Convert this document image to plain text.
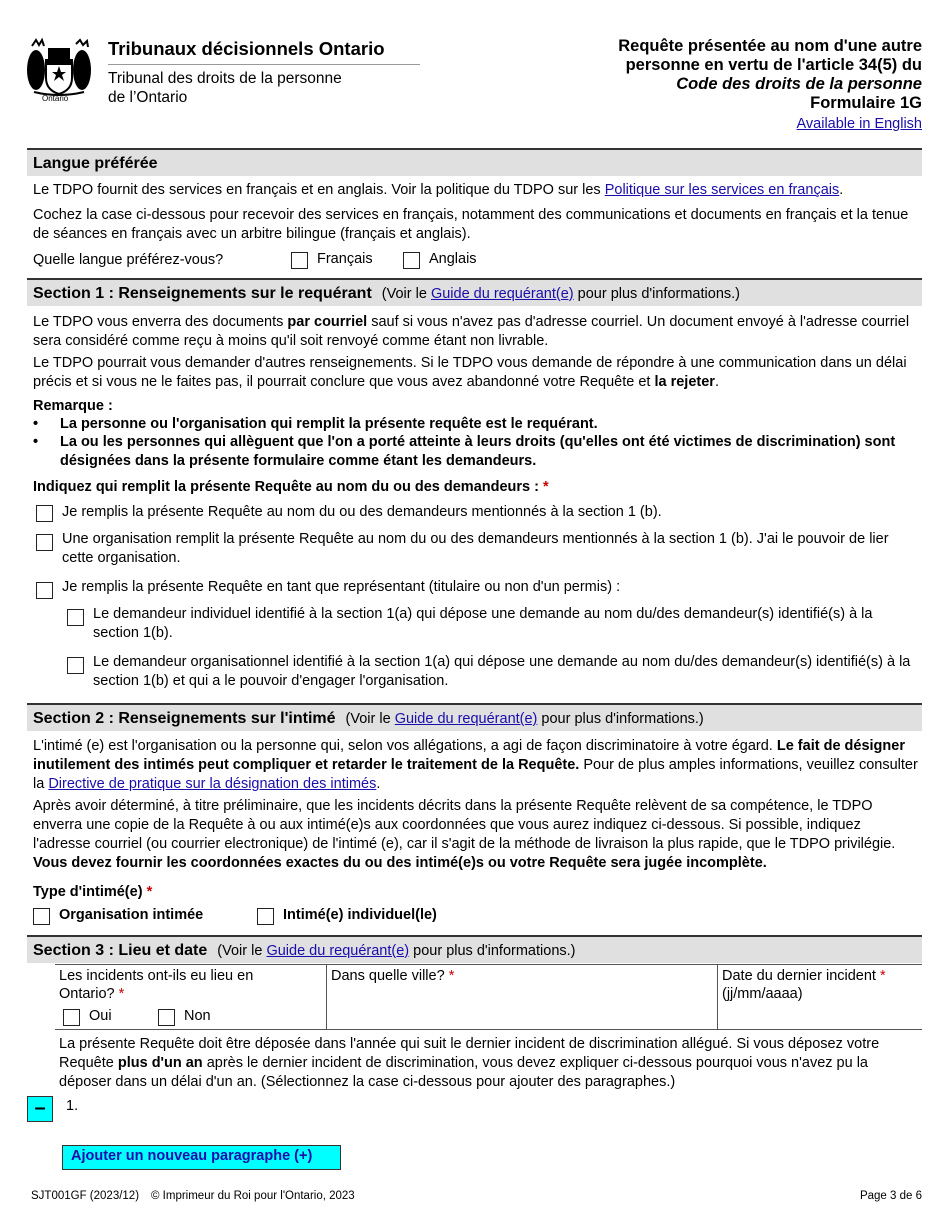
Ontario
Tribunaux décisionnels Ontario
Tribunal des droits de la personne
de l’Ontario
Requête présentée au nom d'une autre
personne en vertu de l'article 34(5) du
Code des droits de la personne
Formulaire 1G
Available in English
Langue préférée
Le TDPO fournit des services en français et en anglais. Voir la politique du TDPO sur les Politique sur les services en français.
Cochez la case ci-dessous pour recevoir des services en français, notamment des communications et documents en français et la tenue de séances en français avec un arbitre bilingue (français et anglais).
Quelle langue préférez-vous?	Français	Anglais
Section 1 : Renseignements sur le requérant (Voir le Guide du requérant(e) pour plus d'informations.)
Le TDPO vous enverra des documents par courriel sauf si vous n'avez pas d'adresse courriel. Un document envoyé à l'adresse courriel sera considéré comme reçu à moins qu'il soit renvoyé comme étant non livrable.
Le TDPO pourrait vous demander d'autres renseignements. Si le TDPO vous demande de répondre à une communication dans un délai précis et si vous ne le faites pas, il pourrait conclure que vous avez abandonné votre Requête et la rejeter.
Remarque :
•	La personne ou l'organisation qui remplit la présente requête est le requérant.
•	La ou les personnes qui allèguent que l'on a porté atteinte à leurs droits (qu'elles ont été victimes de discrimination) sont désignées dans la présente formulaire comme étant les demandeurs.
Indiquez qui remplit la présente Requête au nom du ou des demandeurs : *
Je remplis la présente Requête au nom du ou des demandeurs mentionnés à la section 1 (b).
Une organisation remplit la présente Requête au nom du ou des demandeurs mentionnés à la section 1 (b). J'ai le pouvoir de lier cette organisation.
Je remplis la présente Requête en tant que représentant (titulaire ou non d'un permis) :
Le demandeur individuel identifié à la section 1(a) qui dépose une demande au nom du/des demandeur(s) identifié(s) à la section 1(b).
Le demandeur organisationnel identifié à la section 1(a) qui dépose une demande au nom du/des demandeur(s) identifié(s) à la section 1(b) et qui a le pouvoir d'engager l'organisation.
Section 2 : Renseignements sur l'intimé (Voir le Guide du requérant(e) pour plus d'informations.)
L'intimé (e) est l'organisation ou la personne qui, selon vos allégations, a agi de façon discriminatoire à votre égard. Le fait de désigner inutilement des intimés peut compliquer et retarder le traitement de la Requête. Pour de plus amples informations, veuillez consulter la Directive de pratique sur la désignation des intimés.
Après avoir déterminé, à titre préliminaire, que les incidents décrits dans la présente Requête relèvent de sa compétence, le TDPO enverra une copie de la Requête à ou aux intimé(e)s aux coordonnées que vous aurez indiquez ci-dessous. Si possible, indiquez l'adresse courriel (ou courrier electronique) de l'intimé (e), car il s'agit de la méthode de livraison la plus rapide, que le TDPO privilégie. Vous devez fournir les coordonnées exactes du ou des intimé(e)s ou votre Requête sera jugée incomplète.
Type d'intimé(e) *
Organisation intimée	Intimé(e) individuel(le)
Section 3 : Lieu et date (Voir le Guide du requérant(e) pour plus d'informations.)
Les incidents ont-ils eu lieu en Ontario? *
Oui	Non
Dans quelle ville? *	Date du dernier incident *
(jj/mm/aaaa)
La présente Requête doit être déposée dans l'année qui suit le dernier incident de discrimination allégué. Si vous déposez votre Requête plus d'un an après le dernier incident de discrimination, vous devez expliquer ci-dessous pourquoi vous n'avez pu la déposer dans un délai d'un an. (Sélectionnez la case ci-dessous pour ajouter des paragraphes.)
–	1.
Ajouter un nouveau paragraphe (+)
SJT001GF (2023/12) © Imprimeur du Roi pour l'Ontario, 2023	Page 3 de 6
